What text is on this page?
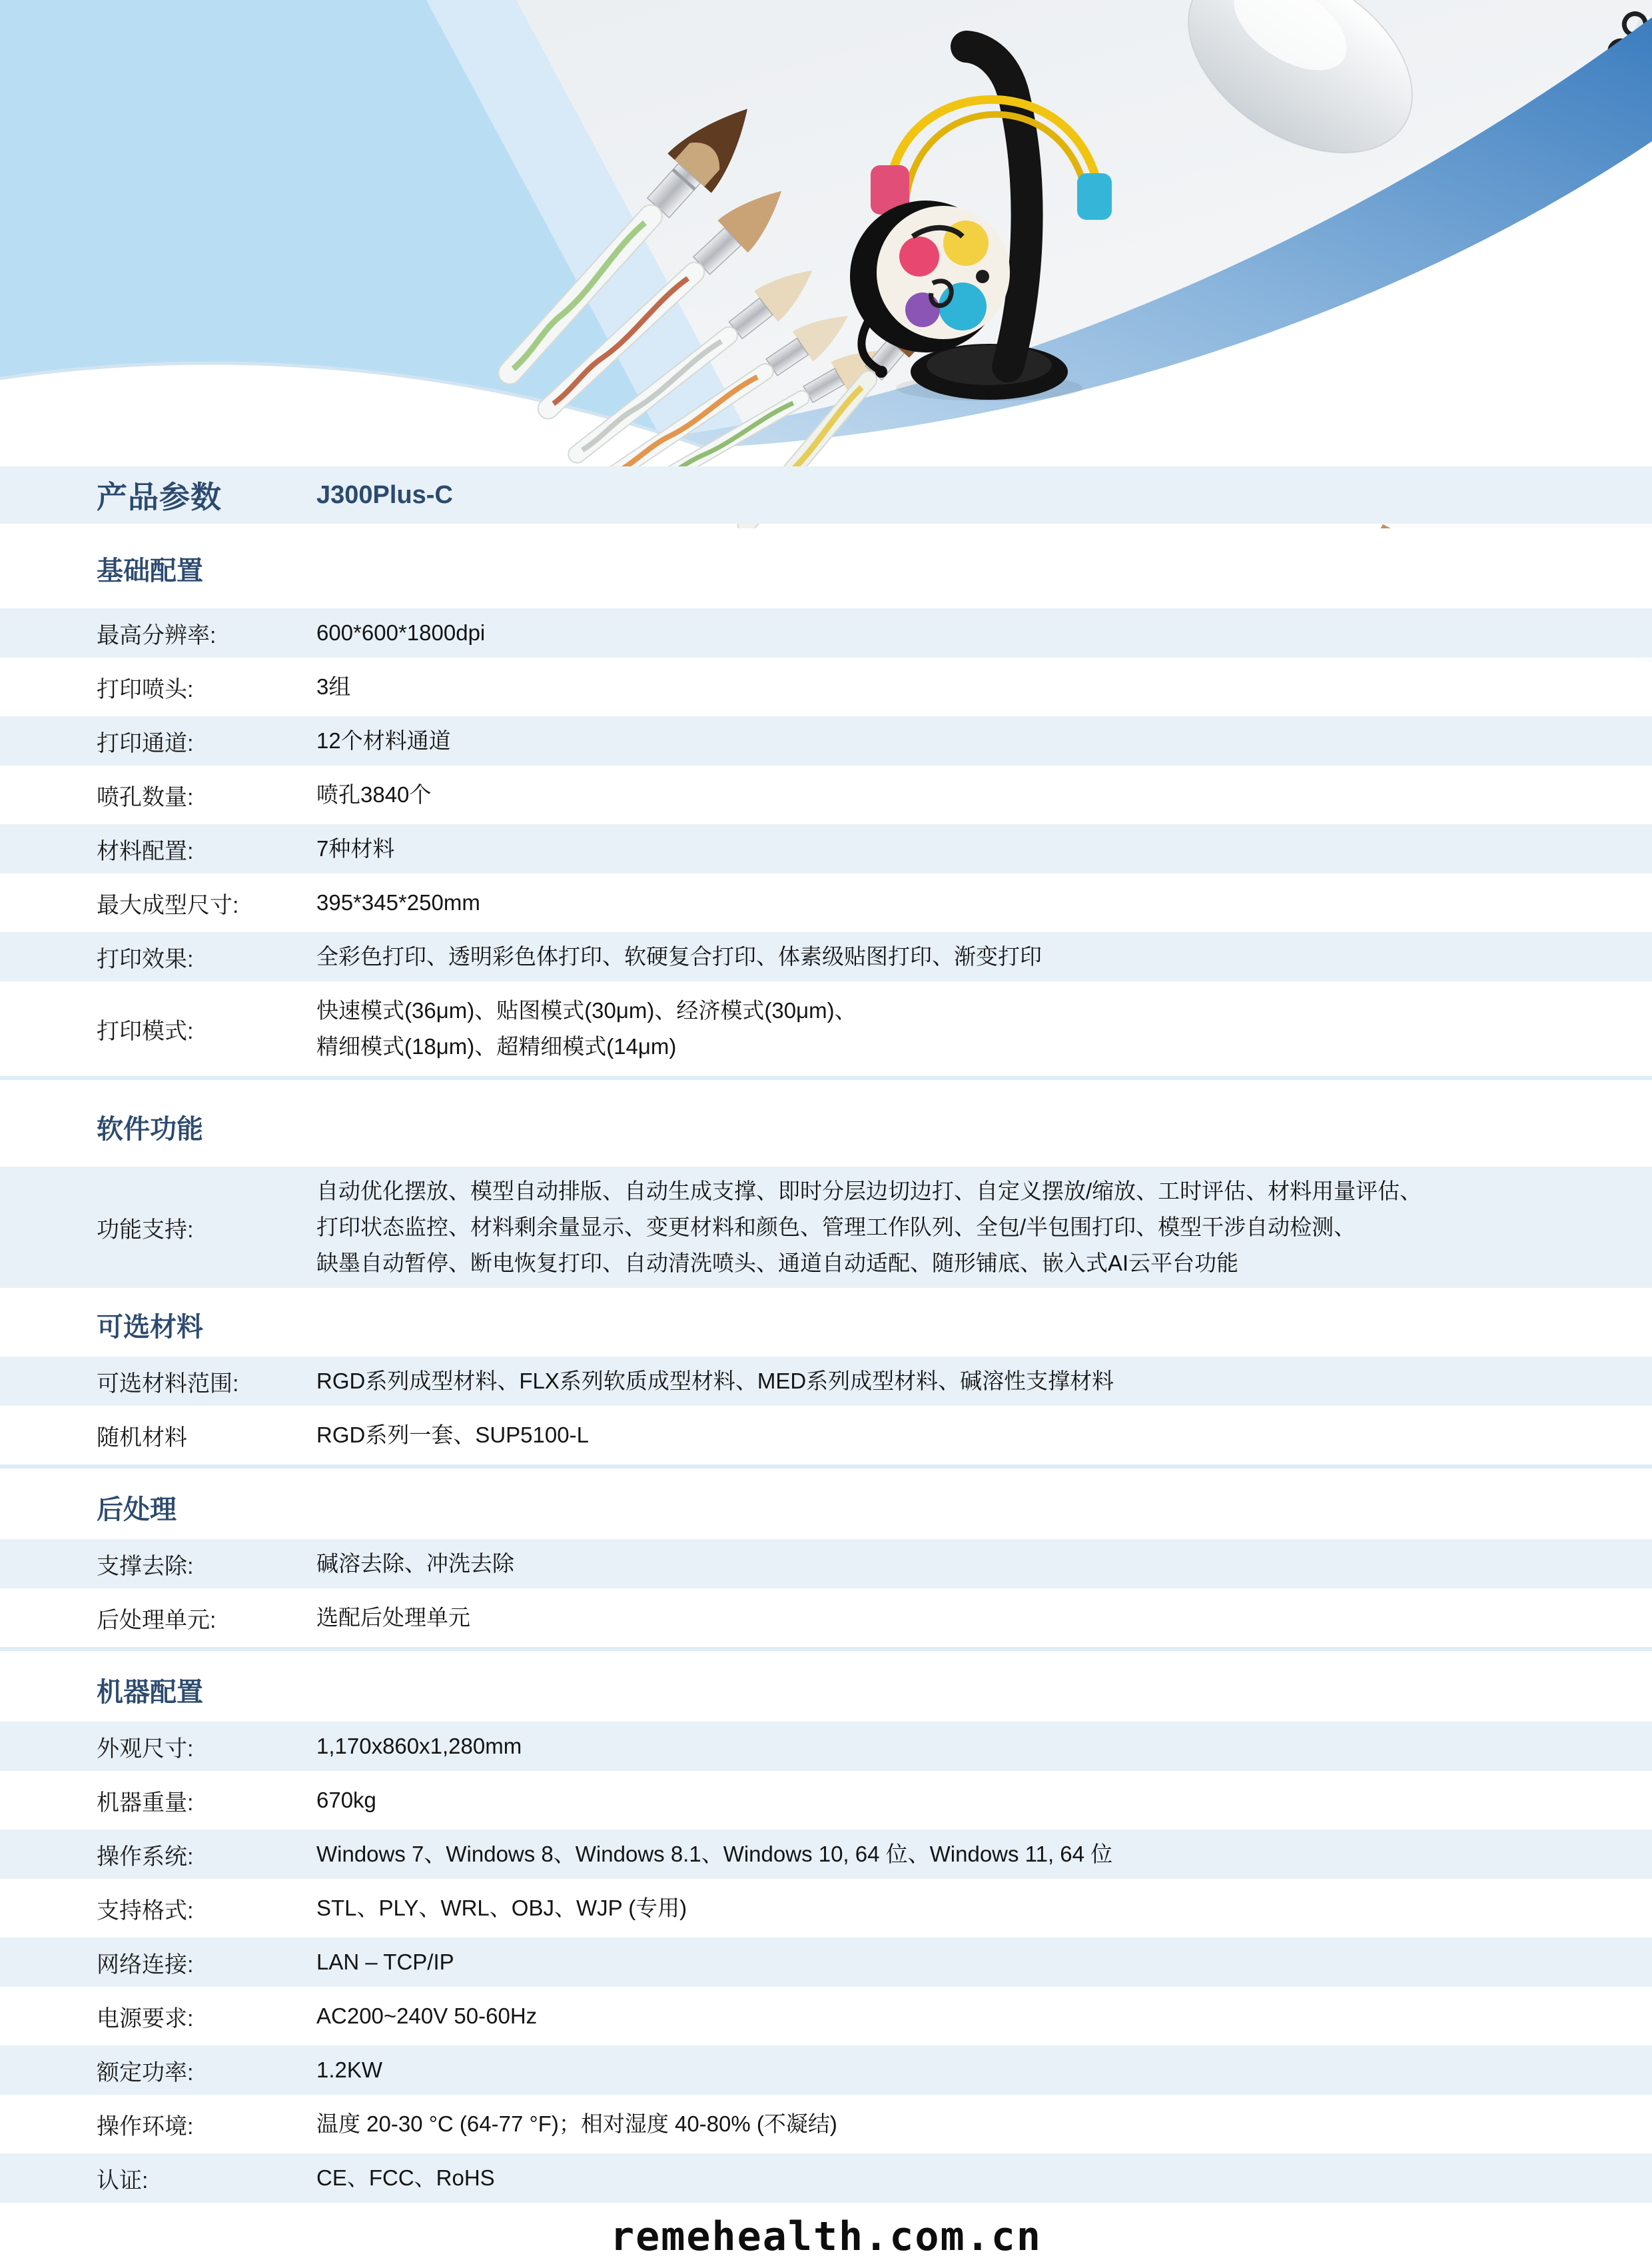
产品参数	J300Plus-C
基础配置
最高分辨率:	600*600*1800dpi
打印喷头:	3组
打印通道:	12个材料通道
喷孔数量:	喷孔3840个
材料配置:	7种材料
最大成型尺寸:	395*345*250mm
打印效果:	全彩色打印、透明彩色体打印、软硬复合打印、体素级贴图打印、渐变打印
打印模式:
快速模式(36μm)、贴图模式(30μm)、经济模式(30μm)、
精细模式(18μm)、超精细模式(14μm)
软件功能
功能支持:
自动优化摆放、模型自动排版、自动生成支撑、即时分层边切边打、自定义摆放/缩放、工时评估、材料用量评估、
打印状态监控、材料剩余量显示、变更材料和颜色、管理工作队列、全包/半包围打印、模型干涉自动检测、
缺墨自动暂停、断电恢复打印、自动清洗喷头、通道自动适配、随形铺底、嵌入式AI云平台功能
可选材料
可选材料范围:	RGD系列成型材料、FLX系列软质成型材料、MED系列成型材料、碱溶性支撑材料
随机材料	RGD系列一套、SUP5100-L
后处理
支撑去除:	碱溶去除、冲洗去除
后处理单元:	选配后处理单元
机器配置
外观尺寸:	1,170x860x1,280mm
机器重量:	670kg
操作系统:	Windows 7、Windows 8、Windows 8.1、Windows 10, 64 位、Windows 11, 64 位
支持格式:	STL、PLY、WRL、OBJ、WJP (专用)
网络连接:	LAN – TCP/IP
电源要求:	AC200~240V 50-60Hz
额定功率:	1.2KW
操作环境:	温度 20-30 °C (64-77 °F)；相对湿度 40-80% (不凝结)
认证:	CE、FCC、RoHS
remehealth.com.cn
